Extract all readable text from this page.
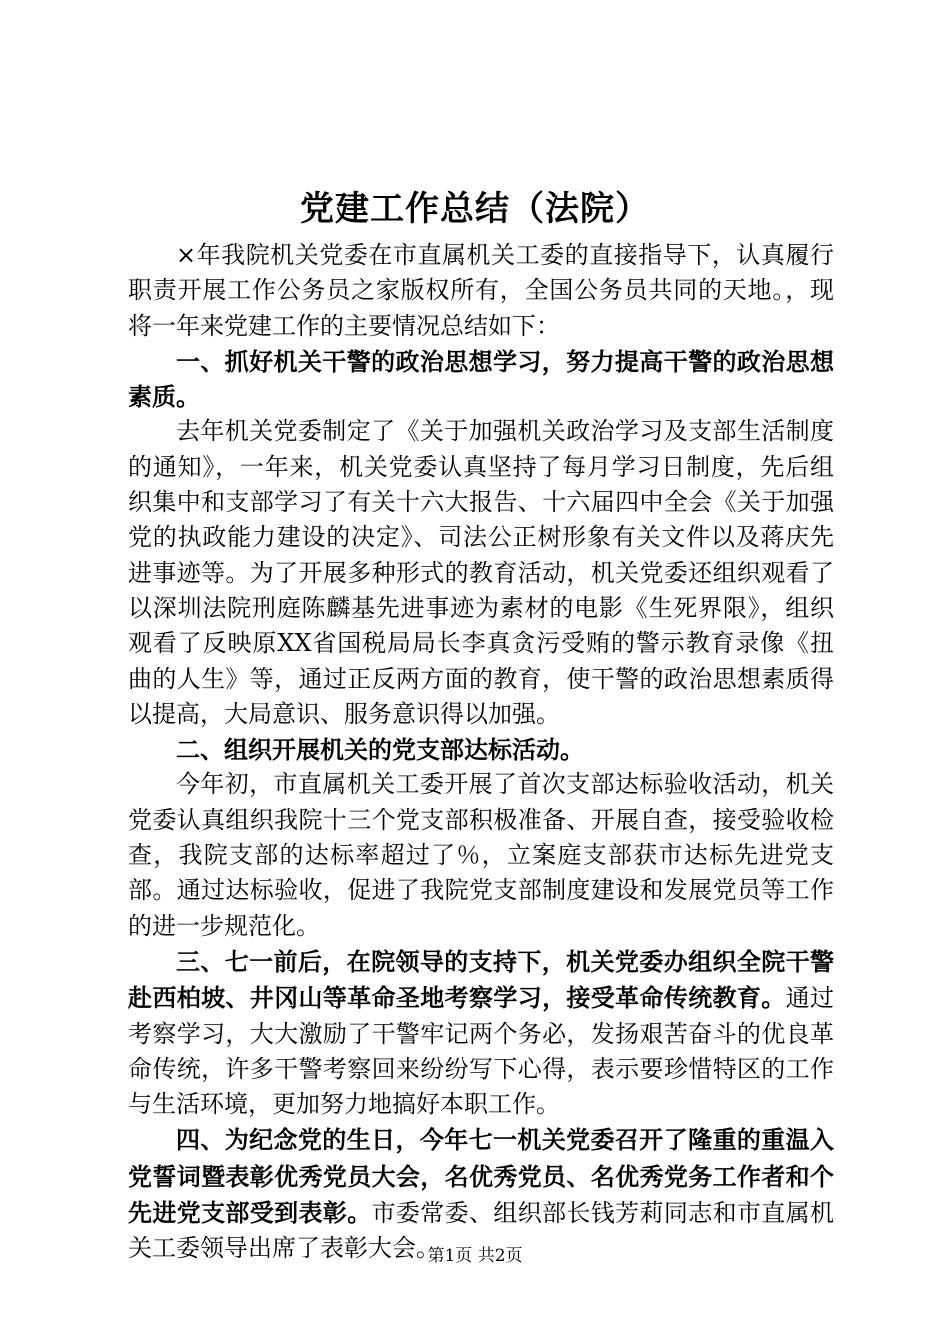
党建工作总结（法院）

×年我院机关党委在市直属机关工委的直接指导下，认真履行职责开展工作公务员之家版权所有，全国公务员共同的天地。，现将一年来党建工作的主要情况总结如下：

一、抓好机关干警的政治思想学习，努力提高干警的政治思想素质。

去年机关党委制定了《关于加强机关政治学习及支部生活制度的通知》，一年来，机关党委认真坚持了每月学习日制度，先后组织集中和支部学习了有关十六大报告、十六届四中全会《关于加强党的执政能力建设的决定》、司法公正树形象有关文件以及蒋庆先进事迹等。为了开展多种形式的教育活动，机关党委还组织观看了以深圳法院刑庭陈麟基先进事迹为素材的电影《生死界限》，组织观看了反映原XX省国税局局长李真贪污受贿的警示教育录像《扭曲的人生》等，通过正反两方面的教育，使干警的政治思想素质得以提高，大局意识、服务意识得以加强。

二、组织开展机关的党支部达标活动。

今年初，市直属机关工委开展了首次支部达标验收活动，机关党委认真组织我院十三个党支部积极准备、开展自查，接受验收检查，我院支部的达标率超过了％，立案庭支部获市达标先进党支部。通过达标验收，促进了我院党支部制度建设和发展党员等工作的进一步规范化。

三、七一前后，在院领导的支持下，机关党委办组织全院干警赴西柏坡、井冈山等革命圣地考察学习，接受革命传统教育。通过考察学习，大大激励了干警牢记两个务必，发扬艰苦奋斗的优良革命传统，许多干警考察回来纷纷写下心得，表示要珍惜特区的工作与生活环境，更加努力地搞好本职工作。

四、为纪念党的生日，今年七一机关党委召开了隆重的重温入党誓词暨表彰优秀党员大会，名优秀党员、名优秀党务工作者和个先进党支部受到表彰。市委常委、组织部长钱芳莉同志和市直属机关工委领导出席了表彰大会。

第1页 共2页
